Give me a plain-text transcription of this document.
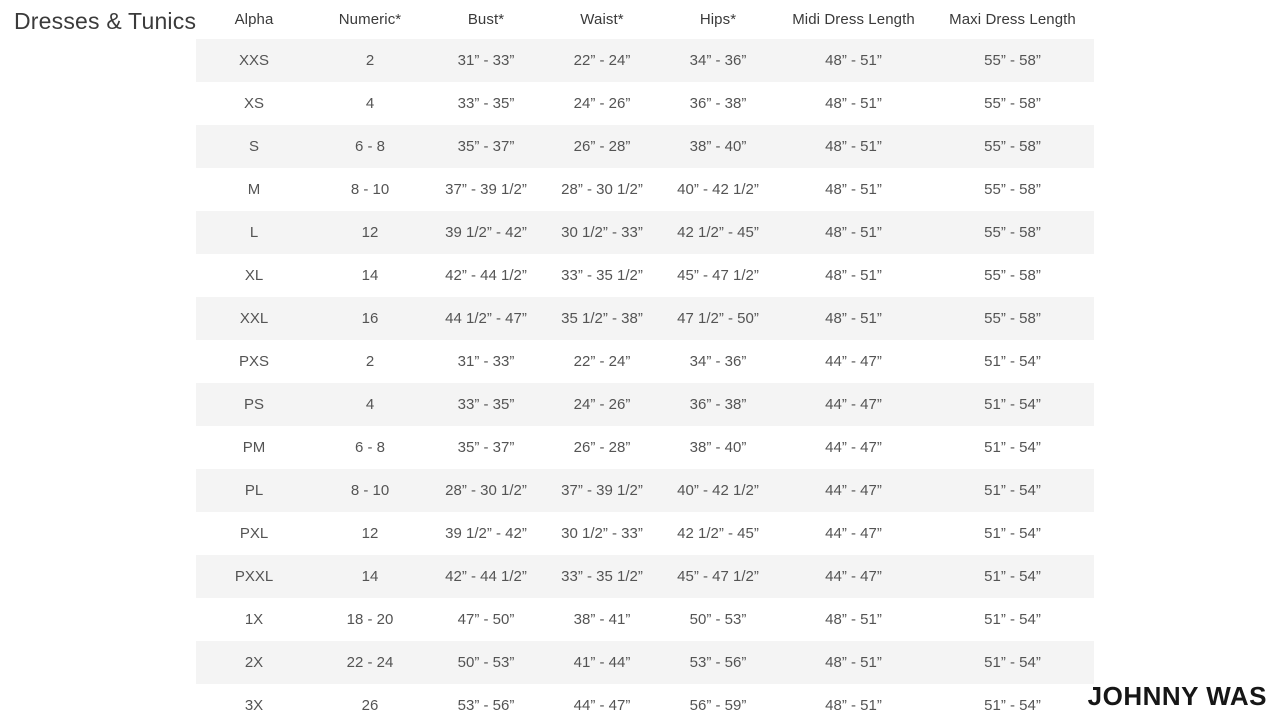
Dresses & Tunics	Alpha	Numeric*	Bust*	Waist*	Hips*	Midi Dress Length	Maxi Dress Length
XXS	2	31” - 33”	22” - 24”	34” - 36”	48” - 51”	55” - 58”
XS	4	33” - 35”	24” - 26”	36” - 38”	48” - 51”	55” - 58”
S	6 - 8	35” - 37”	26” - 28”	38” - 40”	48” - 51”	55” - 58”
M	8 - 10	37” - 39 1/2”	28” - 30 1/2”	40” - 42 1/2”	48” - 51”	55” - 58”
L	12	39 1/2” - 42”	30 1/2” - 33”	42 1/2” - 45”	48” - 51”	55” - 58”
XL	14	42” - 44 1/2”	33” - 35 1/2”	45” - 47 1/2”	48” - 51”	55” - 58”
XXL	16	44 1/2” - 47”	35 1/2” - 38”	47 1/2” - 50”	48” - 51”	55” - 58”
PXS	2	31” - 33”	22” - 24”	34” - 36”	44” - 47”	51” - 54”
PS	4	33” - 35”	24” - 26”	36” - 38”	44” - 47”	51” - 54”
PM	6 - 8	35” - 37”	26” - 28”	38” - 40”	44” - 47”	51” - 54”
PL	8 - 10	28” - 30 1/2”	37” - 39 1/2”	40” - 42 1/2”	44” - 47”	51” - 54”
PXL	12	39 1/2” - 42”	30 1/2” - 33”	42 1/2” - 45”	44” - 47”	51” - 54”
PXXL	14	42” - 44 1/2”	33” - 35 1/2”	45” - 47 1/2”	44” - 47”	51” - 54”
1X	18 - 20	47” - 50”	38” - 41”	50” - 53”	48” - 51”	51” - 54”
2X	22 - 24	50” - 53”	41” - 44”	53” - 56”	48” - 51”	51” - 54”
3X	26	53” - 56”	44” - 47”	56” - 59”	48” - 51”	51” - 54”	JOHNNY WAS
